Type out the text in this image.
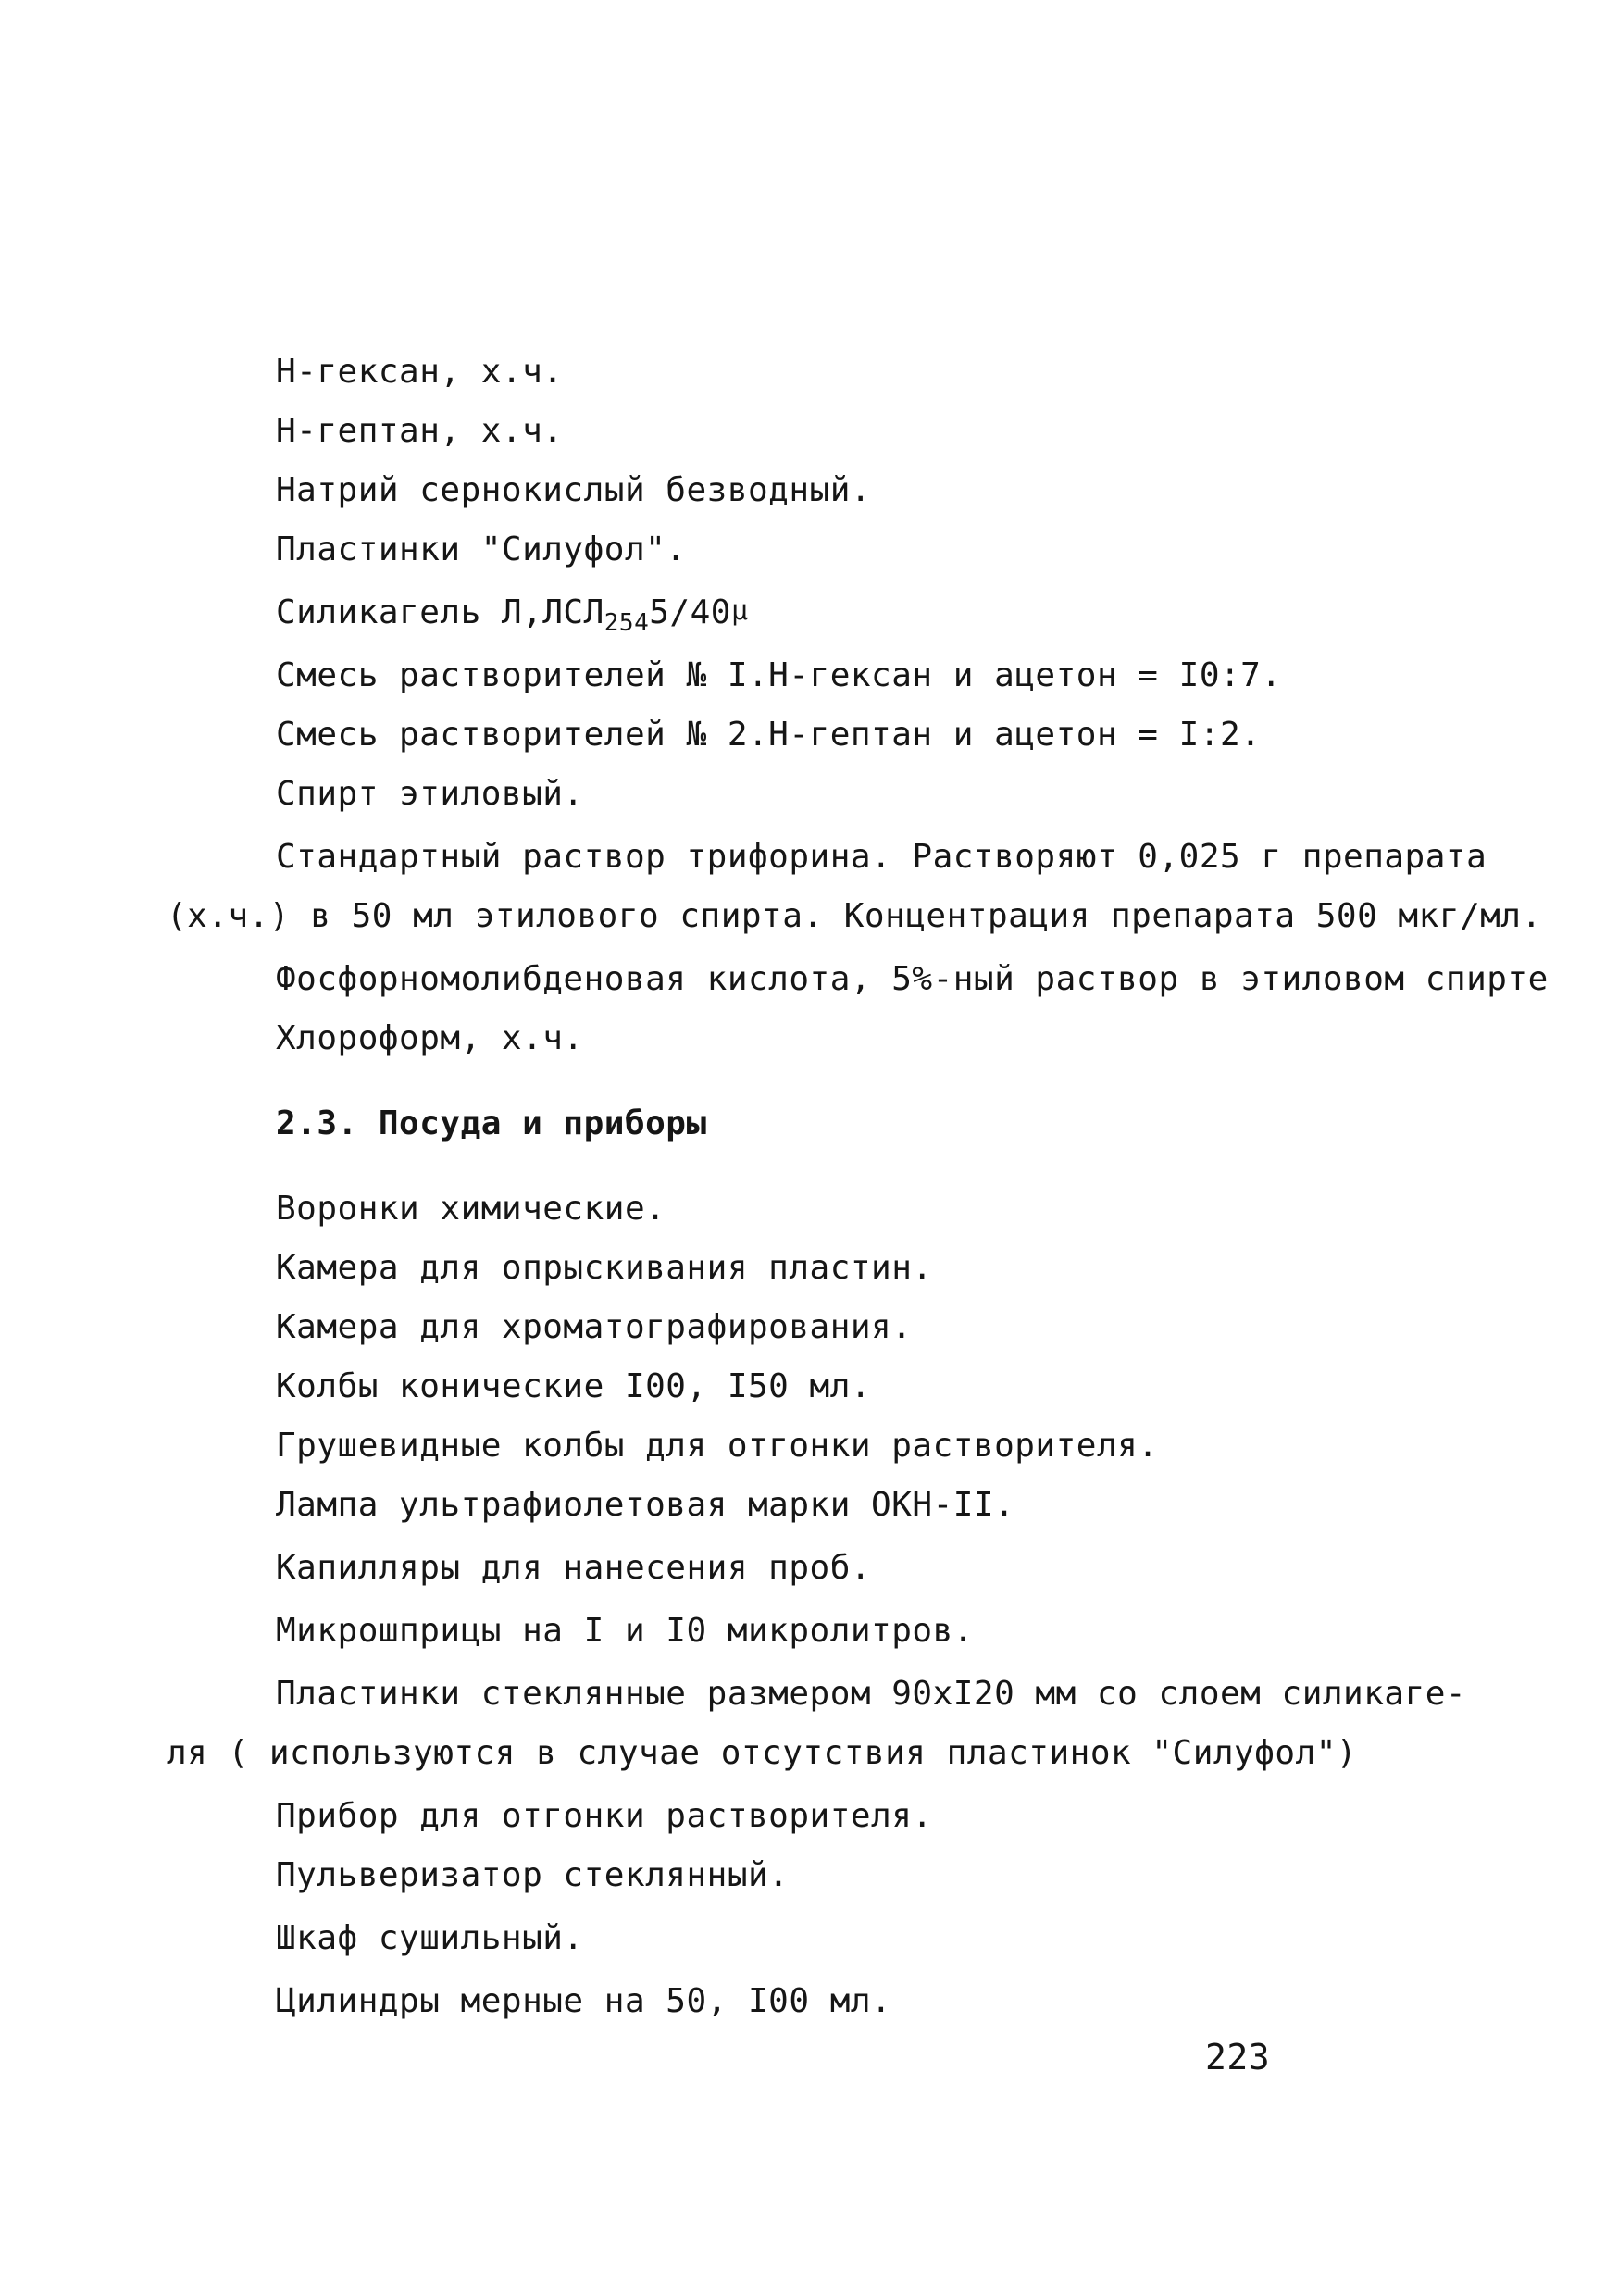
Н-гексан, х.ч.
Н-гептан, х.ч.
Натрий сернокислый безводный.
Пластинки "Силуфол".
Силикагель $Л,ЛСЛ_{254}5/40^\mu$
Смесь растворителей № I.Н-гексан и ацетон = I0:7.
Смесь растворителей № 2.Н-гептан и ацетон = I:2.
Спирт этиловый.
Стандартный раствор трифорина. Растворяют 0,025 г препарата
(х.ч.) в 50 мл этилового спирта. Концентрация препарата 500 мкг/мл.
Фосфорномолибденовая кислота, 5%-ный раствор в этиловом спирте
Хлороформ, х.ч.
2.3. Посуда и приборы
Воронки химические.
Камера для опрыскивания пластин.
Камера для хроматографирования.
Колбы конические I00, I50 мл.
Грушевидные колбы для отгонки растворителя.
Лампа ультрафиолетовая марки ОКН-II.
Капилляры для нанесения проб.
Микрошприцы на I и I0 микролитров.
Пластинки стеклянные размером 90хI20 мм со слоем силикаге-
ля ( используются в случае отсутствия пластинок "Силуфол")
Прибор для отгонки растворителя.
Пульверизатор стеклянный.
Шкаф сушильный.
Цилиндры мерные на 50, I00 мл.
223
